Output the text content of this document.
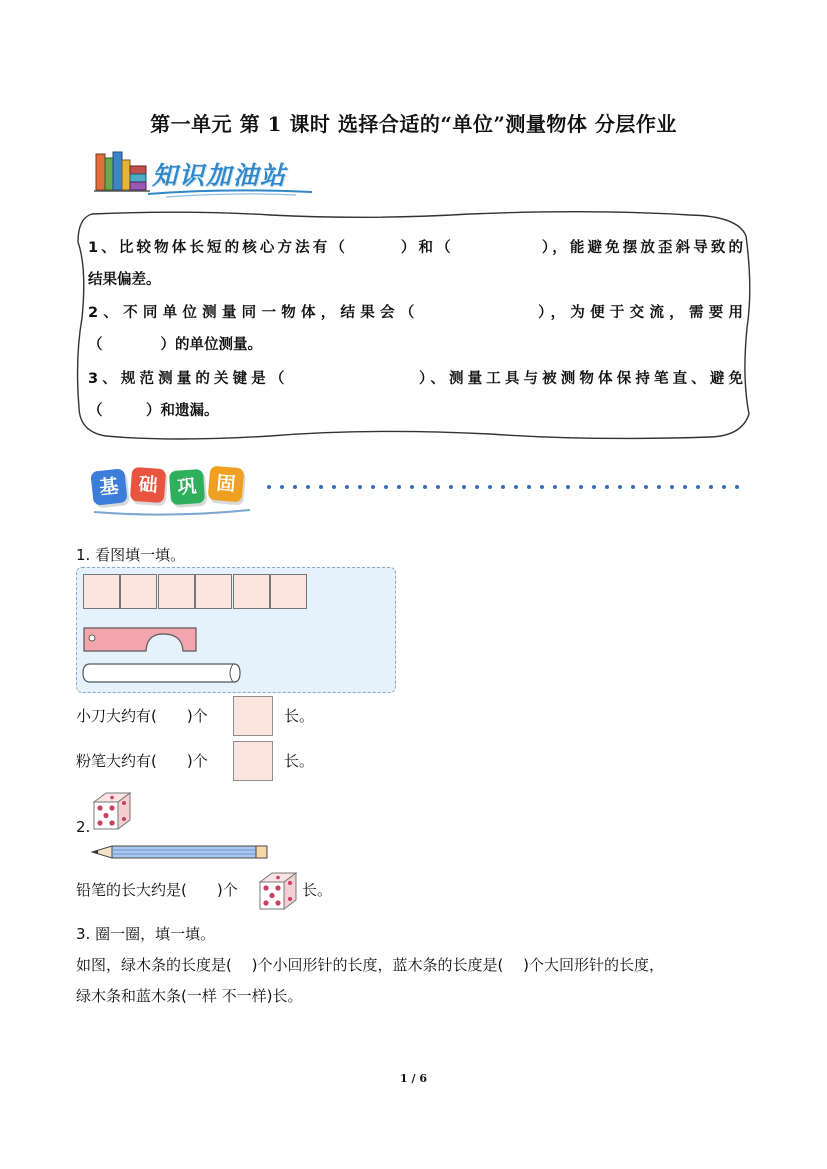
第一单元 第 1 课时 选择合适的“单位”测量物体 分层作业
知识加油站
1、比较物体长短的核心方法有（　　　）和（　　　　　），能避免摆放歪斜导致的
结果偏差。
2、不同单位测量同一物体，结果会（　　　　　　），为便于交流，需要用
（　　　　）的单位测量。
3、规范测量的关键是（　　　　　　　）、测量工具与被测物体保持笔直、避免
（　　　）和遗漏。
基 础 巩 固
1. 看图填一填。
小刀大约有(　　)个	长。
粉笔大约有(　　)个	长。
2.
铅笔的长大约是(　　)个	长。
3. 圈一圈，填一填。
如图，绿木条的长度是(　 )个小回形针的长度，蓝木条的长度是(　 )个大回形针的长度，
绿木条和蓝木条(一样 不一样)长。
1 / 6
